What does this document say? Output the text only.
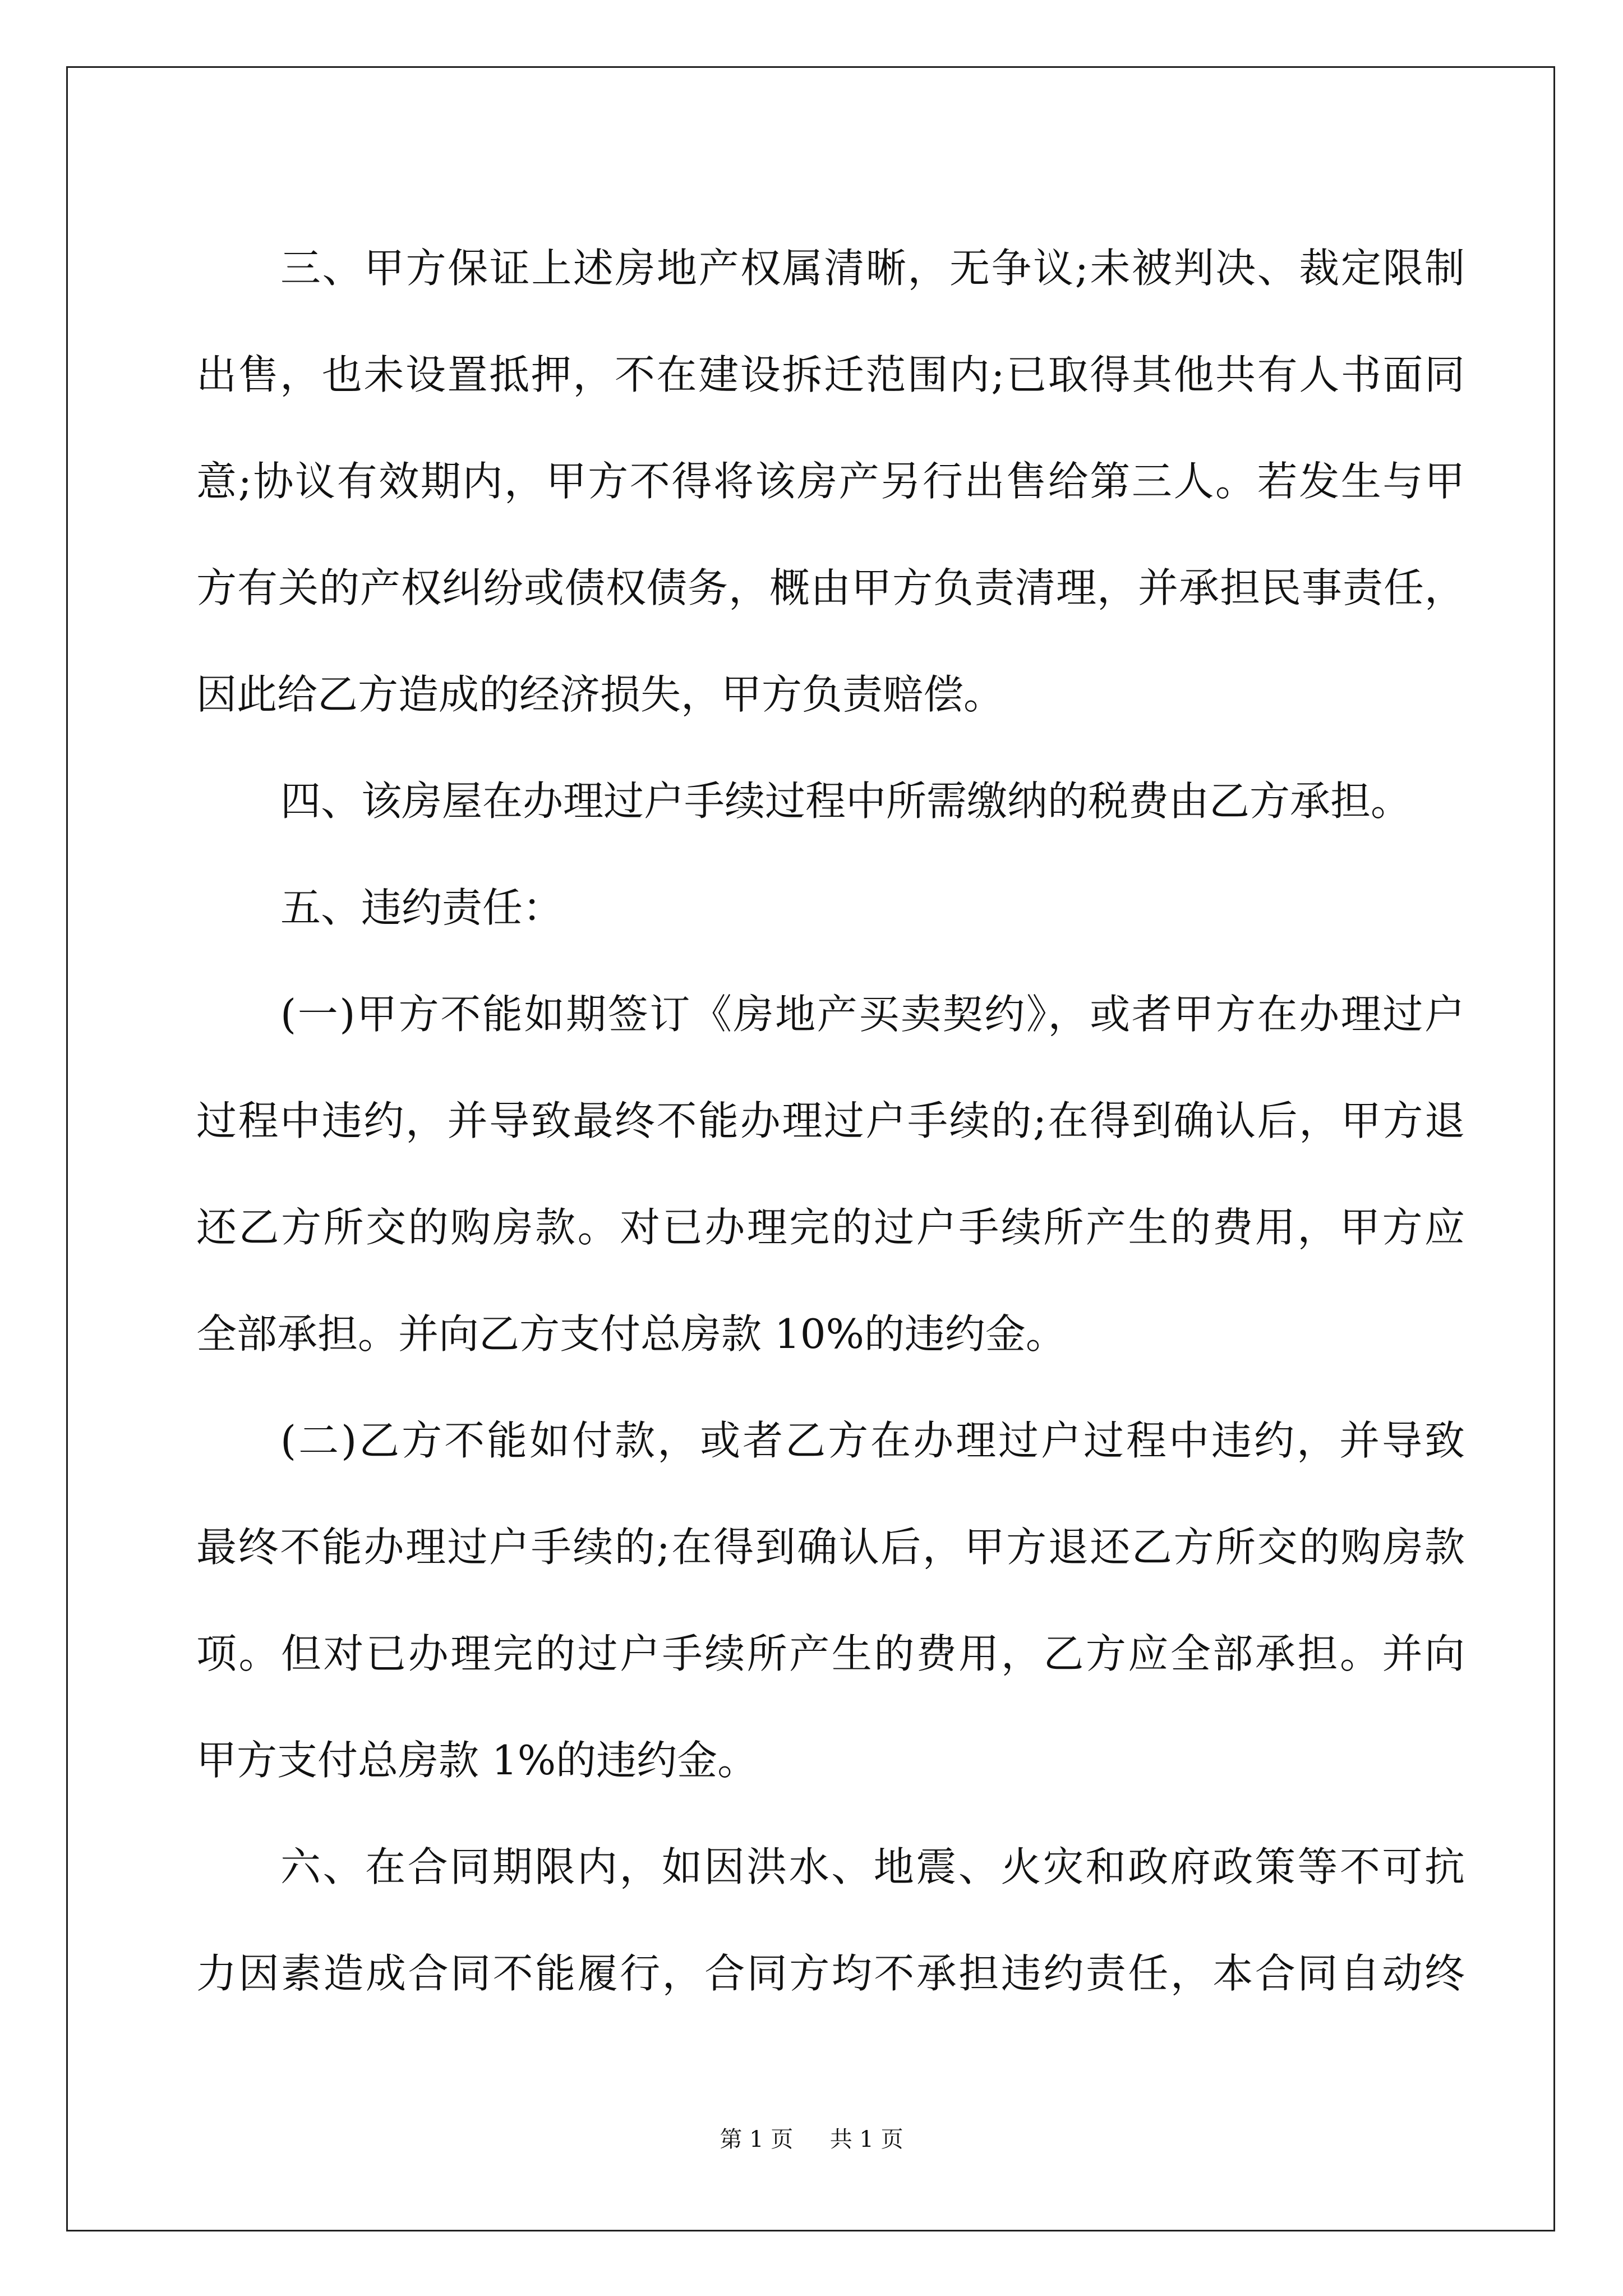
三、甲方保证上述房地产权属清晰，无争议;未被判决、裁定限制
出售，也未设置抵押，不在建设拆迁范围内;已取得其他共有人书面同
意;协议有效期内，甲方不得将该房产另行出售给第三人。若发生与甲
方有关的产权纠纷或债权债务，概由甲方负责清理，并承担民事责任，
因此给乙方造成的经济损失，甲方负责赔偿。
四、该房屋在办理过户手续过程中所需缴纳的税费由乙方承担。
五、违约责任：
(一)甲方不能如期签订《房地产买卖契约》，或者甲方在办理过户
过程中违约，并导致最终不能办理过户手续的;在得到确认后，甲方退
还乙方所交的购房款。对已办理完的过户手续所产生的费用，甲方应
全部承担。并向乙方支付总房款 10%的违约金。
(二)乙方不能如付款，或者乙方在办理过户过程中违约，并导致
最终不能办理过户手续的;在得到确认后，甲方退还乙方所交的购房款
项。但对已办理完的过户手续所产生的费用，乙方应全部承担。并向
甲方支付总房款 1%的违约金。
六、在合同期限内，如因洪水、地震、火灾和政府政策等不可抗
力因素造成合同不能履行，合同方均不承担违约责任，本合同自动终
第 1 页 共 1 页
